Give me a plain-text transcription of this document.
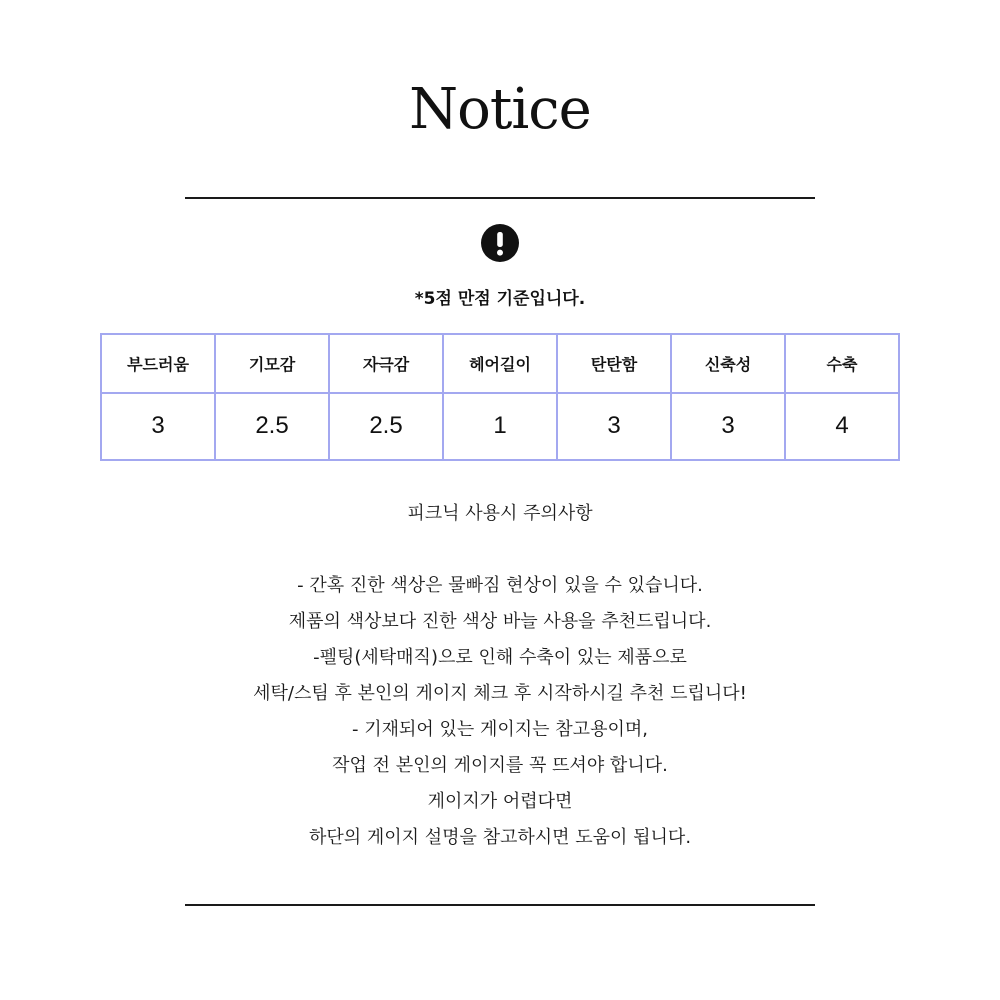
Notice
*5점 만점 기준입니다.
부드러움	기모감	자극감	헤어길이	탄탄함	신축성	수축
3	2.5	2.5	1	3	3	4
피크닉 사용시 주의사항
- 간혹 진한 색상은 물빠짐 현상이 있을 수 있습니다.
제품의 색상보다 진한 색상 바늘 사용을 추천드립니다.
-펠팅(세탁매직)으로 인해 수축이 있는 제품으로
세탁/스팀 후 본인의 게이지 체크 후 시작하시길 추천 드립니다!
- 기재되어 있는 게이지는 참고용이며,
작업 전 본인의 게이지를 꼭 뜨셔야 합니다.
게이지가 어렵다면
하단의 게이지 설명을 참고하시면 도움이 됩니다.
